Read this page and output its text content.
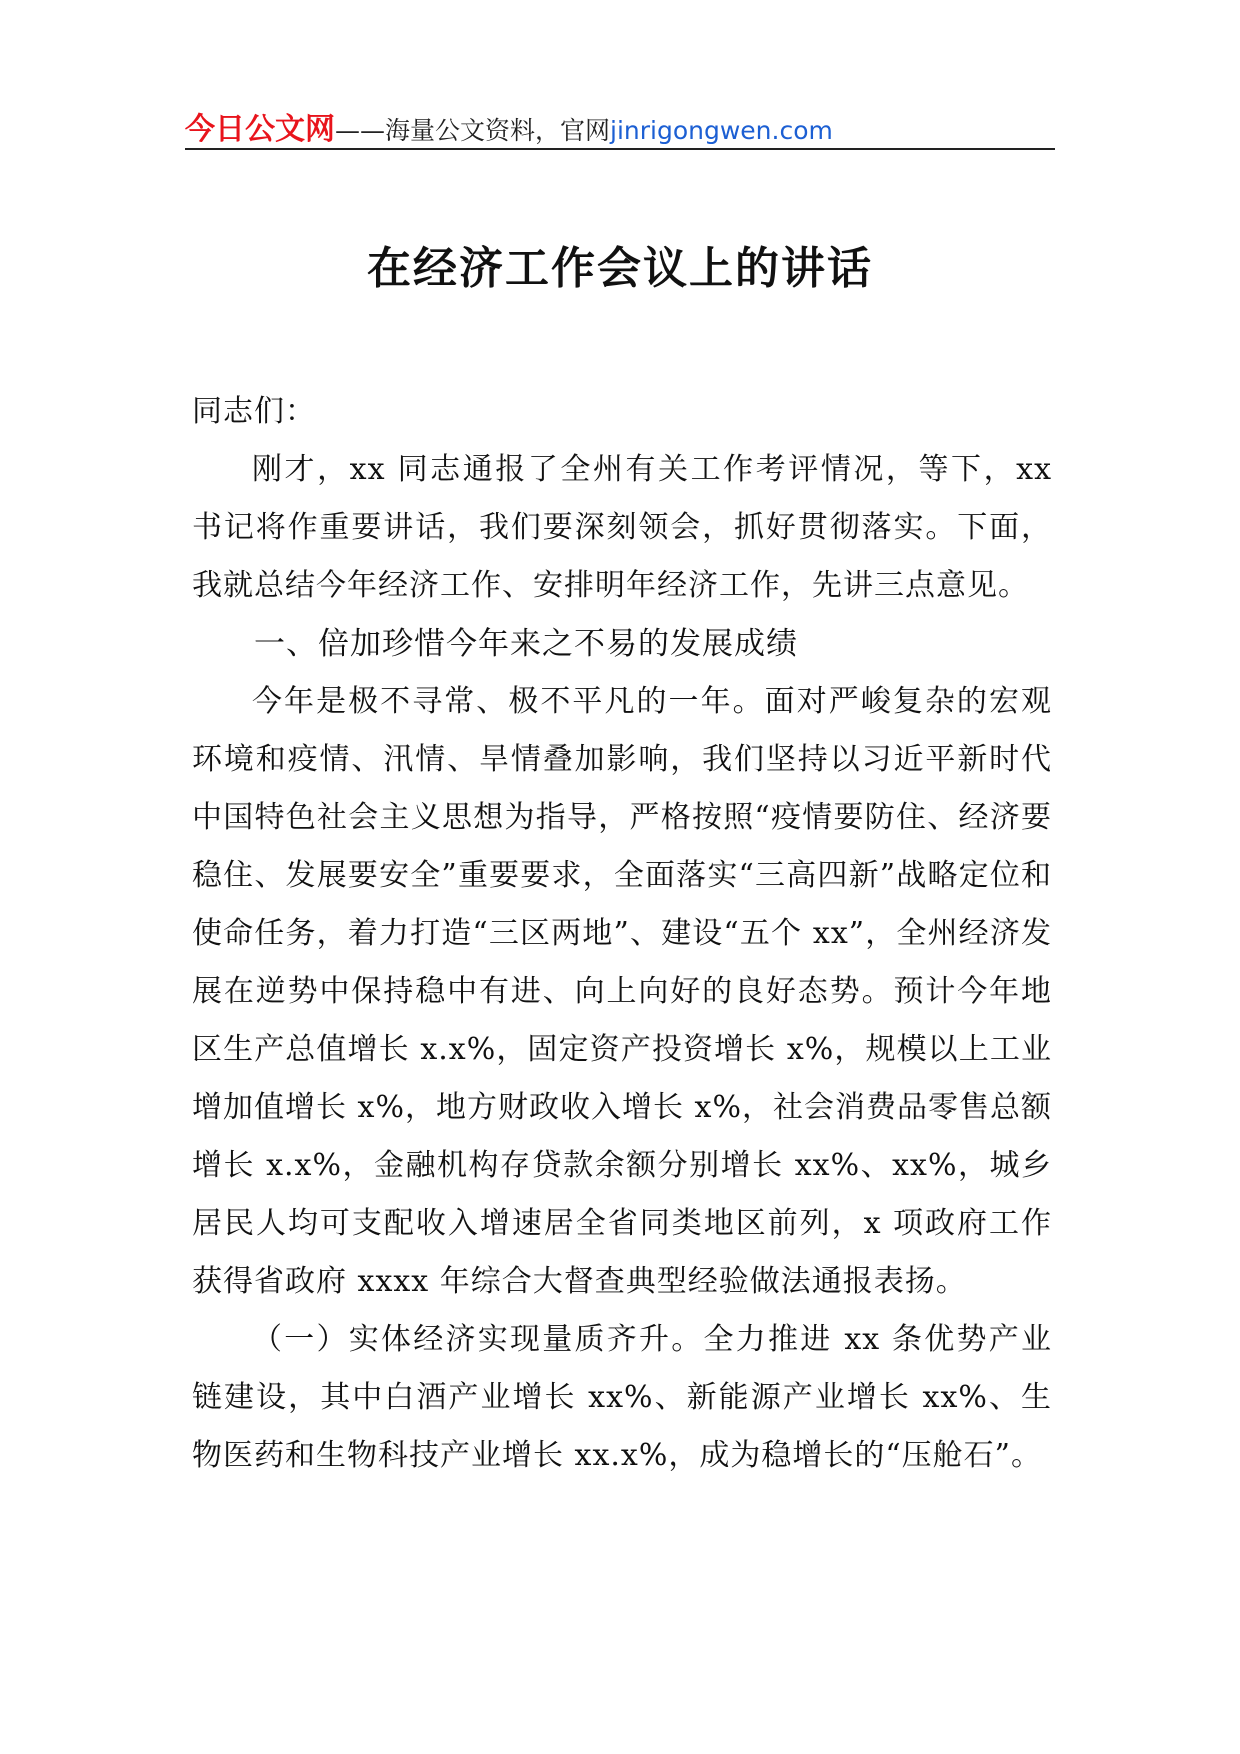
今日公文网——海量公文资料，官网jinrigongwen.com
在经济工作会议上的讲话

同志们：

刚才，xx 同志通报了全州有关工作考评情况，等下，xx 书记将作重要讲话，我们要深刻领会，抓好贯彻落实。下面，我就总结今年经济工作、安排明年经济工作，先讲三点意见。

一、倍加珍惜今年来之不易的发展成绩

今年是极不寻常、极不平凡的一年。面对严峻复杂的宏观环境和疫情、汛情、旱情叠加影响，我们坚持以习近平新时代中国特色社会主义思想为指导，严格按照“疫情要防住、经济要稳住、发展要安全”重要要求，全面落实“三高四新”战略定位和使命任务，着力打造“三区两地”、建设“五个 xx”，全州经济发展在逆势中保持稳中有进、向上向好的良好态势。预计今年地区生产总值增长 x.x%，固定资产投资增长 x%，规模以上工业增加值增长 x%，地方财政收入增长 x%，社会消费品零售总额增长 x.x%，金融机构存贷款余额分别增长 xx%、xx%，城乡居民人均可支配收入增速居全省同类地区前列，x 项政府工作获得省政府 xxxx 年综合大督查典型经验做法通报表扬。

（一）实体经济实现量质齐升。全力推进 xx 条优势产业链建设，其中白酒产业增长 xx%、新能源产业增长 xx%、生物医药和生物科技产业增长 xx.x%，成为稳增长的“压舱石”。
